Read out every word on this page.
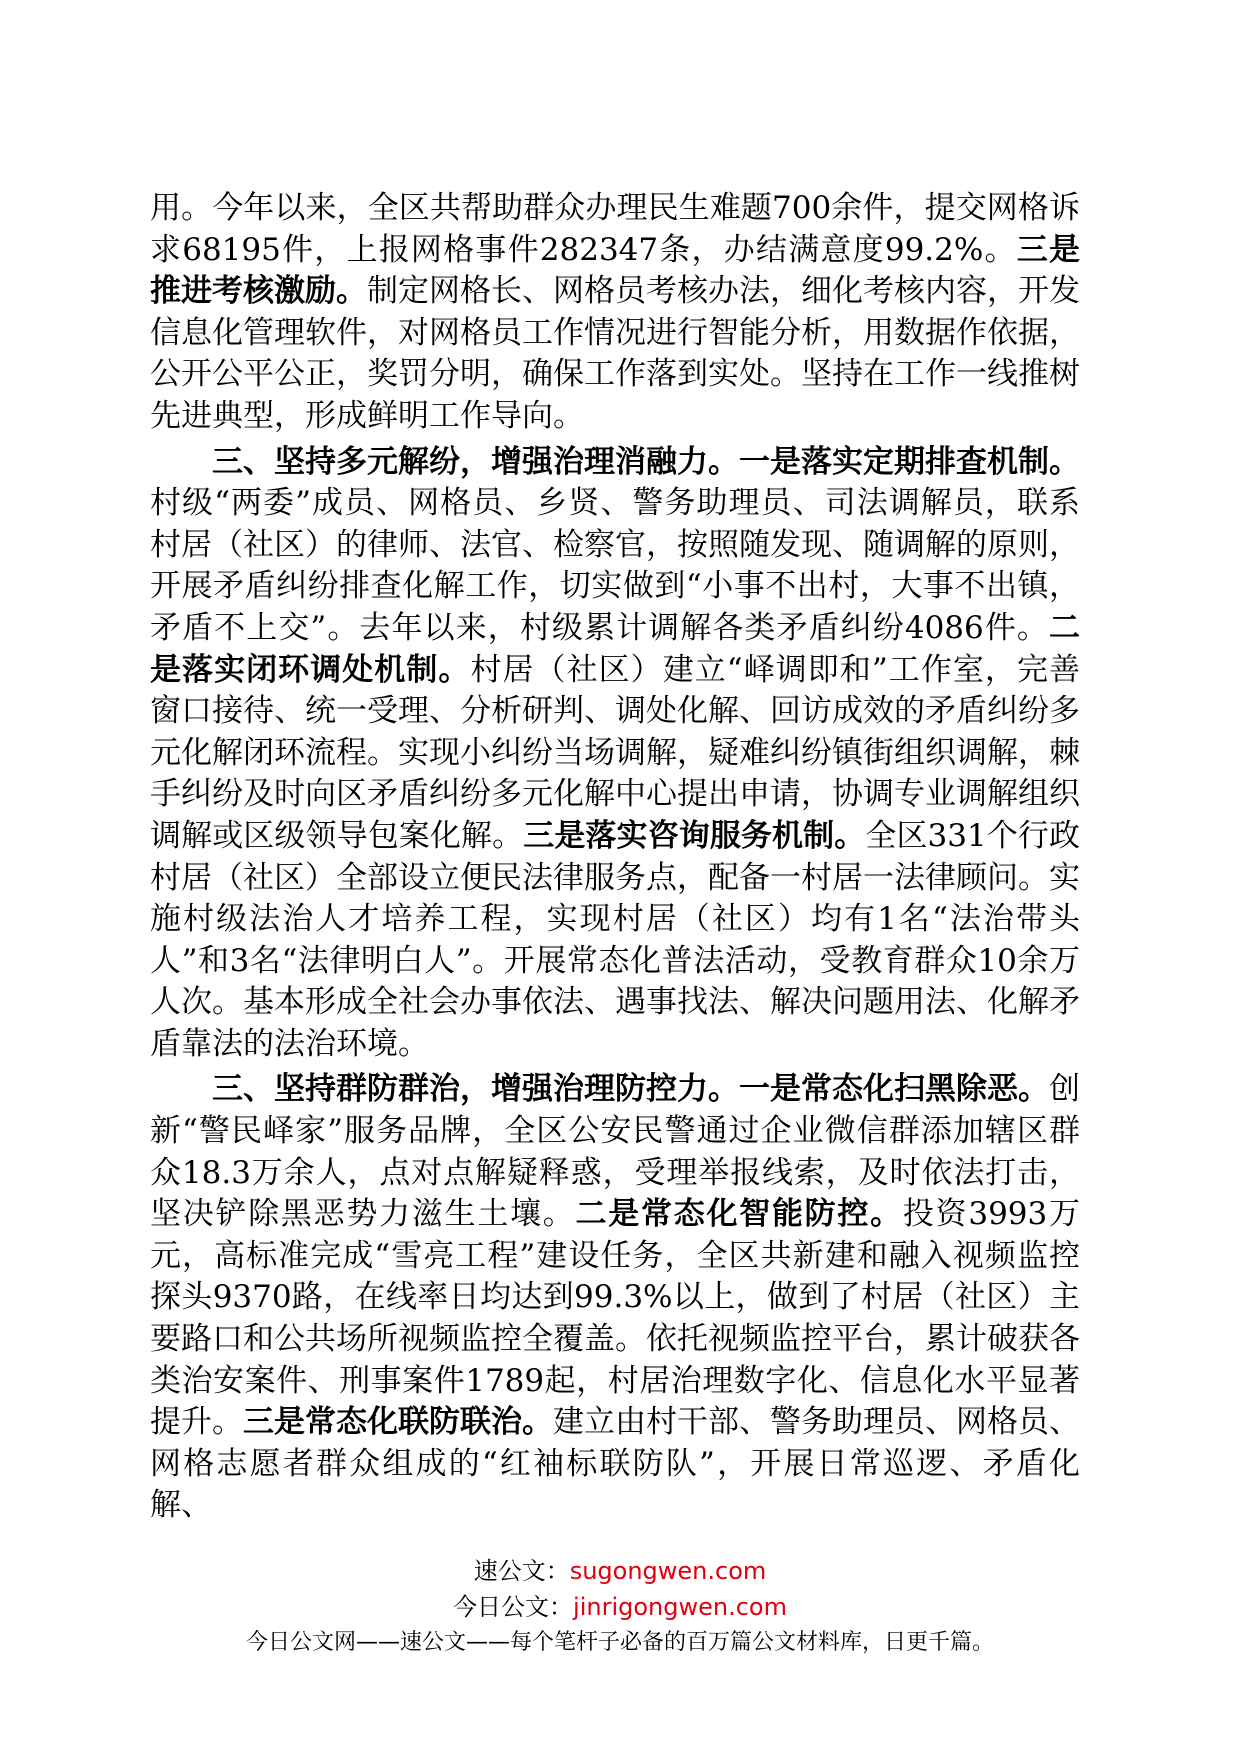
用。今年以来，全区共帮助群众办理民生难题700余件，提交网格诉求68195件，上报网格事件282347条，办结满意度99.2%。三是推进考核激励。制定网格长、网格员考核办法，细化考核内容，开发信息化管理软件，对网格员工作情况进行智能分析，用数据作依据，公开公平公正，奖罚分明，确保工作落到实处。坚持在工作一线推树先进典型，形成鲜明工作导向。

三、坚持多元解纷，增强治理消融力。一是落实定期排查机制。村级“两委”成员、网格员、乡贤、警务助理员、司法调解员，联系村居（社区）的律师、法官、检察官，按照随发现、随调解的原则，开展矛盾纠纷排查化解工作，切实做到“小事不出村，大事不出镇，矛盾不上交”。去年以来，村级累计调解各类矛盾纠纷4086件。二是落实闭环调处机制。村居（社区）建立“峄调即和”工作室，完善窗口接待、统一受理、分析研判、调处化解、回访成效的矛盾纠纷多元化解闭环流程。实现小纠纷当场调解，疑难纠纷镇街组织调解，棘手纠纷及时向区矛盾纠纷多元化解中心提出申请，协调专业调解组织调解或区级领导包案化解。三是落实咨询服务机制。全区331个行政村居（社区）全部设立便民法律服务点，配备一村居一法律顾问。实施村级法治人才培养工程，实现村居（社区）均有1名“法治带头人”和3名“法律明白人”。开展常态化普法活动，受教育群众10余万人次。基本形成全社会办事依法、遇事找法、解决问题用法、化解矛盾靠法的法治环境。

三、坚持群防群治，增强治理防控力。一是常态化扫黑除恶。创新“警民峄家”服务品牌，全区公安民警通过企业微信群添加辖区群众18.3万余人，点对点解疑释惑，受理举报线索，及时依法打击，坚决铲除黑恶势力滋生土壤。二是常态化智能防控。投资3993万元，高标准完成“雪亮工程”建设任务，全区共新建和融入视频监控探头9370路，在线率日均达到99.3%以上，做到了村居（社区）主要路口和公共场所视频监控全覆盖。依托视频监控平台，累计破获各类治安案件、刑事案件1789起，村居治理数字化、信息化水平显著提升。三是常态化联防联治。建立由村干部、警务助理员、网格员、网格志愿者群众组成的“红袖标联防队”，开展日常巡逻、矛盾化解、

速公文：sugongwen.com
今日公文：jinrigongwen.com
今日公文网——速公文——每个笔杆子必备的百万篇公文材料库，日更千篇。
